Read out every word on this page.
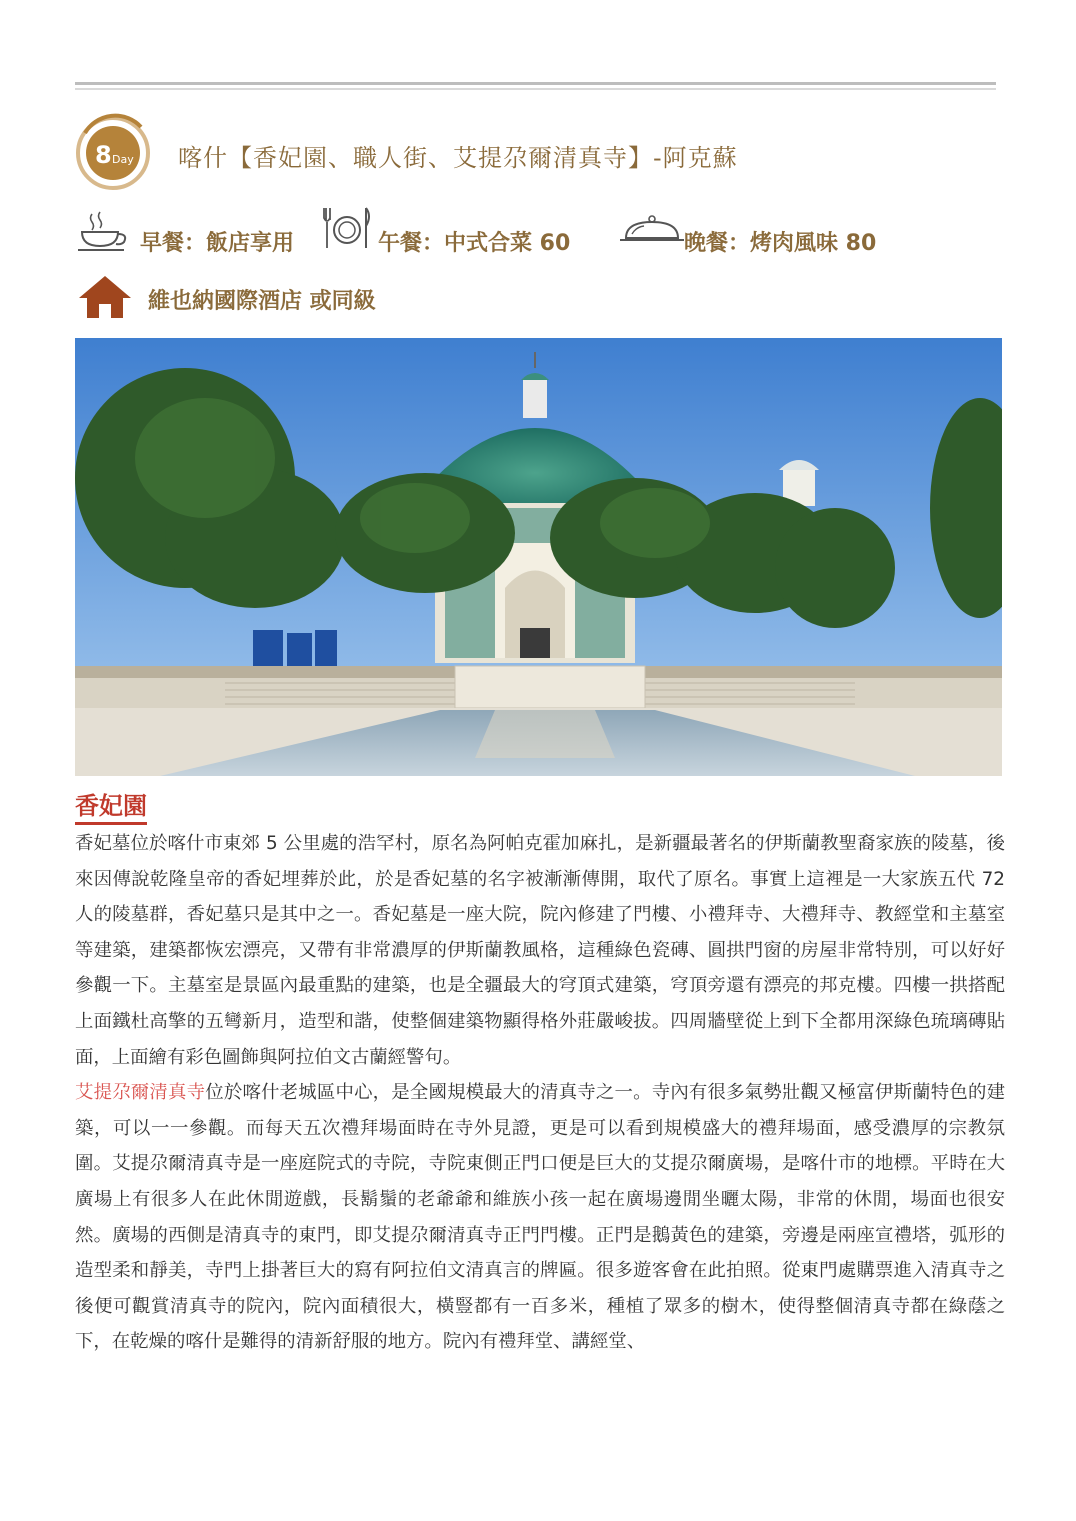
8 Day 喀什【香妃園、職人街、艾提尕爾清真寺】-阿克蘇
早餐：飯店享用	午餐：中式合菜 60	晚餐：烤肉風味 80
維也納國際酒店 或同級
香妃園

香妃墓位於喀什市東郊 5 公里處的浩罕村，原名為阿帕克霍加麻扎，是新疆最著名的伊斯蘭教聖裔家族的陵墓，後來因傳說乾隆皇帝的香妃埋葬於此，於是香妃墓的名字被漸漸傳開，取代了原名。事實上這裡是一大家族五代 72 人的陵墓群，香妃墓只是其中之一。香妃墓是一座大院，院內修建了門樓、小禮拜寺、大禮拜寺、教經堂和主墓室等建築，建築都恢宏漂亮，又帶有非常濃厚的伊斯蘭教風格，這種綠色瓷磚、圓拱門窗的房屋非常特別，可以好好參觀一下。主墓室是景區內最重點的建築，也是全疆最大的穹頂式建築，穹頂旁還有漂亮的邦克樓。四樓一拱搭配上面鐵杜高擎的五彎新月，造型和諧，使整個建築物顯得格外莊嚴峻拔。四周牆壁從上到下全都用深綠色琉璃磚貼面，上面繪有彩色圖飾與阿拉伯文古蘭經警句。

艾提尕爾清真寺位於喀什老城區中心，是全國規模最大的清真寺之一。寺內有很多氣勢壯觀又極富伊斯蘭特色的建築，可以一一參觀。而每天五次禮拜場面時在寺外見證，更是可以看到規模盛大的禮拜場面，感受濃厚的宗教氛圍。艾提尕爾清真寺是一座庭院式的寺院，寺院東側正門口便是巨大的艾提尕爾廣場，是喀什市的地標。平時在大廣場上有很多人在此休閒遊戲，長鬍鬚的老爺爺和維族小孩一起在廣場邊閒坐曬太陽，非常的休閒，場面也很安然。廣場的西側是清真寺的東門，即艾提尕爾清真寺正門門樓。正門是鵝黃色的建築，旁邊是兩座宣禮塔，弧形的造型柔和靜美，寺門上掛著巨大的寫有阿拉伯文清真言的牌匾。很多遊客會在此拍照。從東門處購票進入清真寺之後便可觀賞清真寺的院內，院內面積很大，橫豎都有一百多米，種植了眾多的樹木，使得整個清真寺都在綠蔭之下，在乾燥的喀什是難得的清新舒服的地方。院內有禮拜堂、講經堂、
